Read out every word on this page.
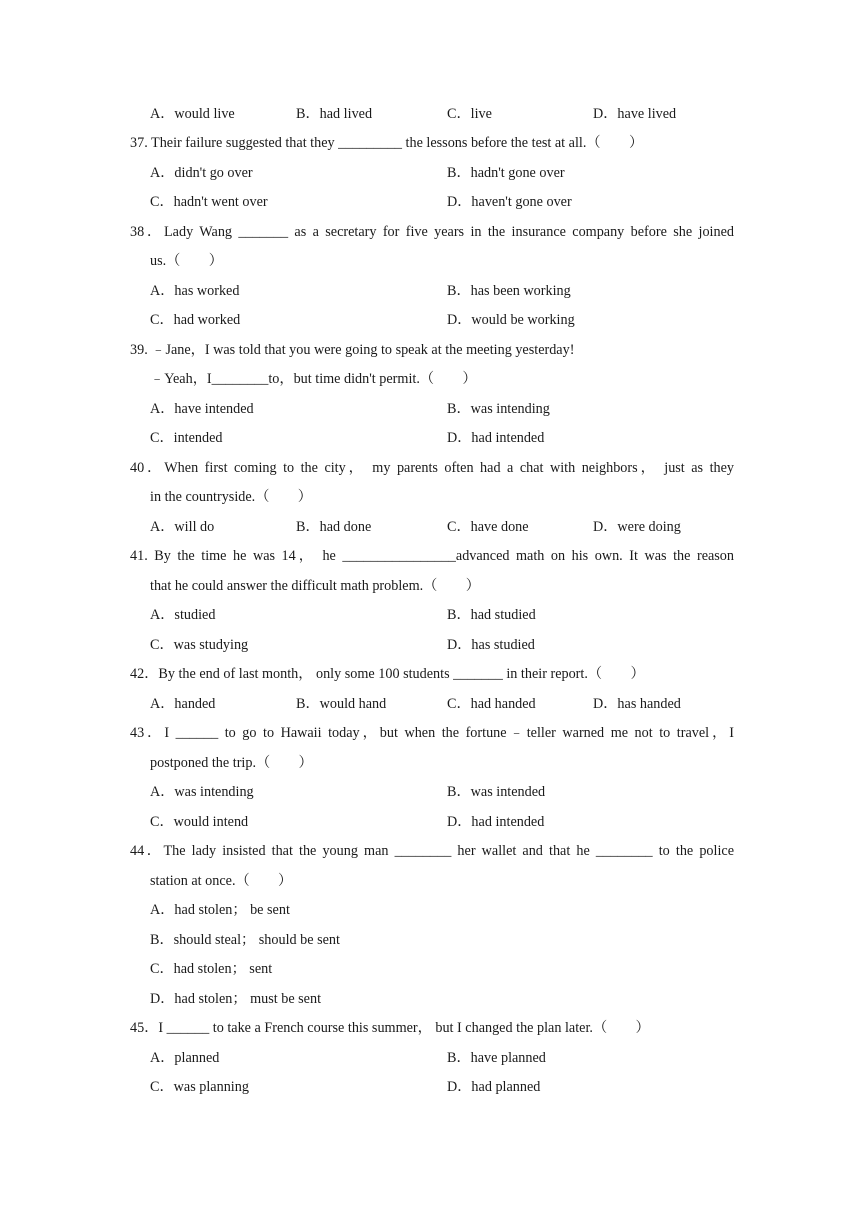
A．would live	B．had lived	C．live	D．have lived
37. Their failure suggested that they _________ the lessons before the test at all.（　　）
A．didn't go over	B．hadn't gone over
C．hadn't went over	D．haven't gone over
38．Lady Wang _______ as a secretary for five years in the insurance company before she joined
us.（　　）
A．has worked	B．has been working
C．had worked	D．would be working
39. ﹣Jane，I was told that you were going to speak at the meeting yesterday!
﹣Yeah，I________to，but time didn't permit.（　　）
A．have intended	B．was intending
C．intended	D．had intended
40．When first coming to the city， my parents often had a chat with neighbors， just as they
in the countryside.（　　）
A．will do	B．had done	C．have done	D．were doing
41. By the time he was 14， he ________________advanced math on his own. It was the reason
that he could answer the difficult math problem.（　　）
A．studied	B．had studied
C．was studying	D．has studied
42．By the end of last month， only some 100 students _______ in their report.（　　）
A．handed	B．would hand	C．had handed	D．has handed
43．I ______ to go to Hawaii today，but when the fortune﹣teller warned me not to travel，I
postponed the trip.（　　）
A．was intending	B．was intended
C．would intend	D．had intended
44．The lady insisted that the young man ________ her wallet and that he ________ to the police
station at once.（　　）
A．had stolen； be sent
B．should steal； should be sent
C．had stolen； sent
D．had stolen； must be sent
45．I ______ to take a French course this summer， but I changed the plan later.（　　）
A．planned	B．have planned
C．was planning	D．had planned
